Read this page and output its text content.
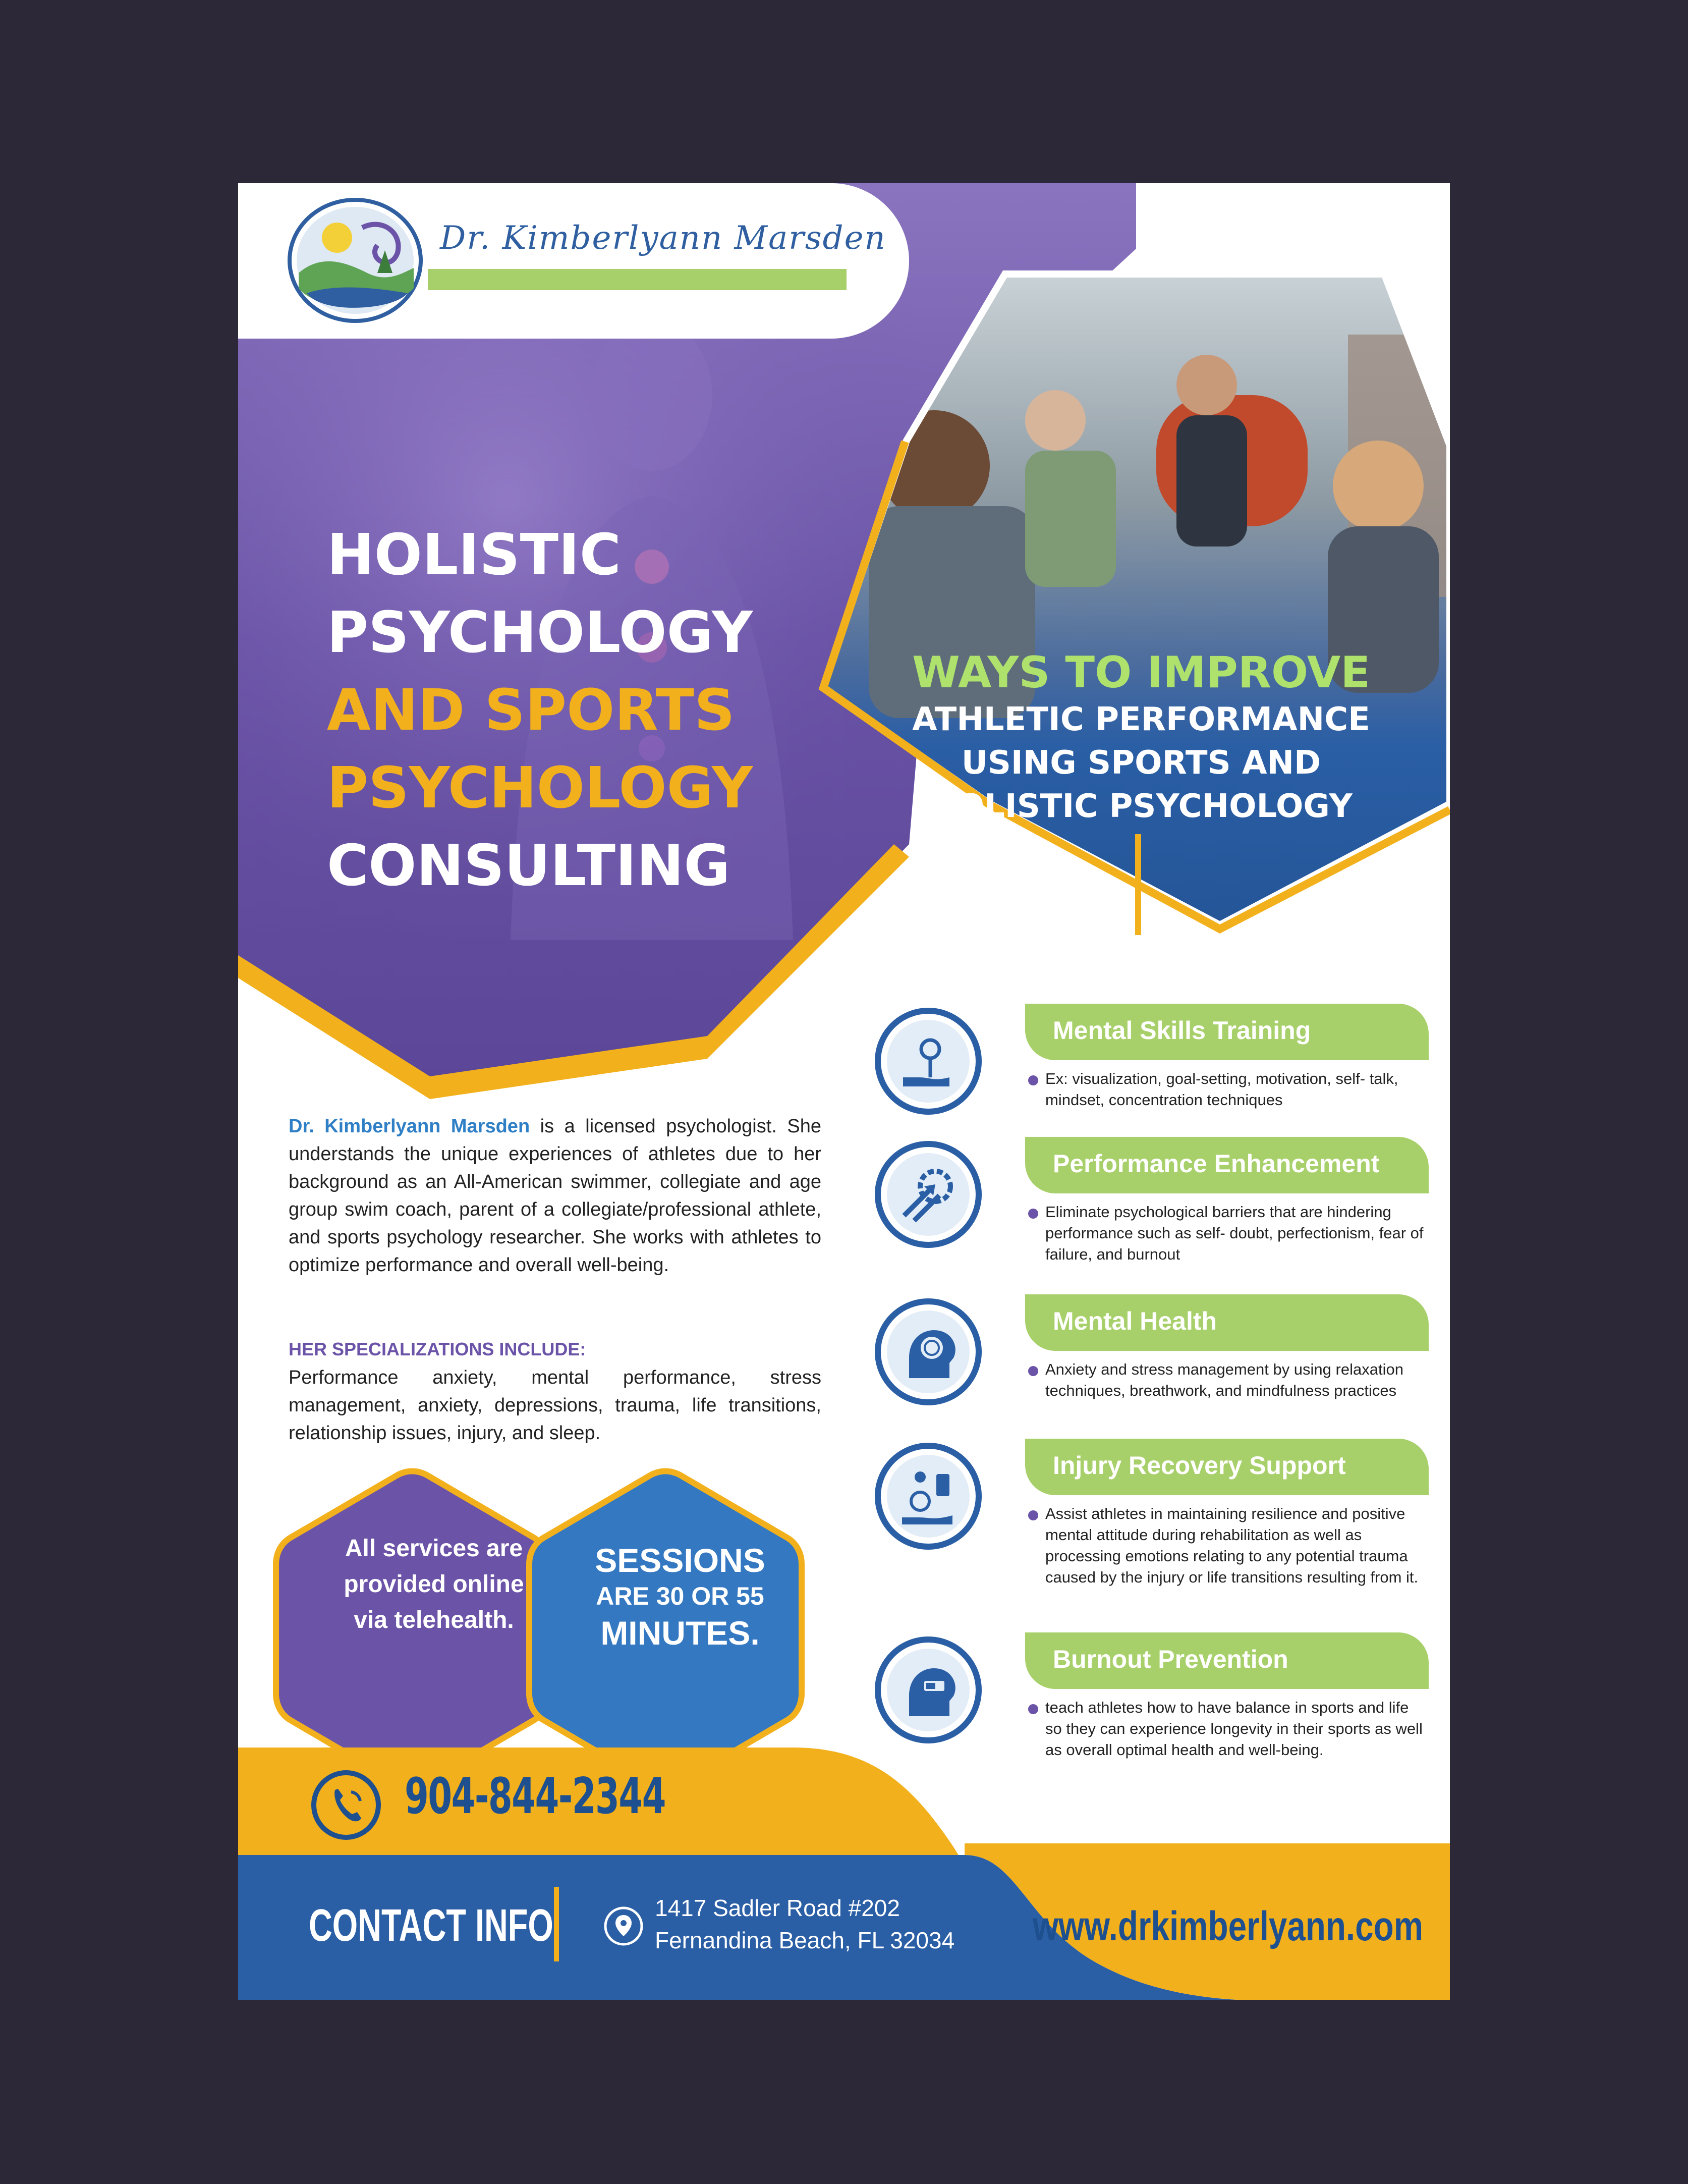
Dr. Kimberlyann Marsden
HOLISTIC
PSYCHOLOGY
AND SPORTS
PSYCHOLOGY
CONSULTING
WAYS TO IMPROVE
ATHLETIC PERFORMANCE
USING SPORTS AND
HOLISTIC PSYCHOLOGY
Dr. Kimberlyann Marsden is a licensed psychologist. She understands the unique experiences of athletes due to her background as an All-American swimmer, collegiate and age group swim coach, parent of a collegiate/professional athlete, and sports psychology researcher. She works with athletes to optimize performance and overall well-being.
HER SPECIALIZATIONS INCLUDE:
Performance anxiety, mental performance, stress management, anxiety, depressions, trauma, life transitions, relationship issues, injury, and sleep.
All services are provided online via telehealth.
SESSIONS
ARE 30 OR 55
MINUTES.
Mental Skills Training
Ex: visualization, goal-setting, motivation, self- talk, mindset, concentration techniques
Performance Enhancement
Eliminate psychological barriers that are hindering performance such as self- doubt, perfectionism, fear of failure, and burnout
Mental Health
Anxiety and stress management by using relaxation techniques, breathwork, and mindfulness practices
Injury Recovery Support
Assist athletes in maintaining resilience and positive mental attitude during rehabilitation as well as processing emotions relating to any potential trauma caused by the injury or life transitions resulting from it.
Burnout Prevention
teach athletes how to have balance in sports and life so they can experience longevity in their sports as well as overall optimal health and well-being.
904-844-2344
CONTACT INFO	1417 Sadler Road #202
Fernandina Beach, FL 32034 www.drkimberlyann.com
